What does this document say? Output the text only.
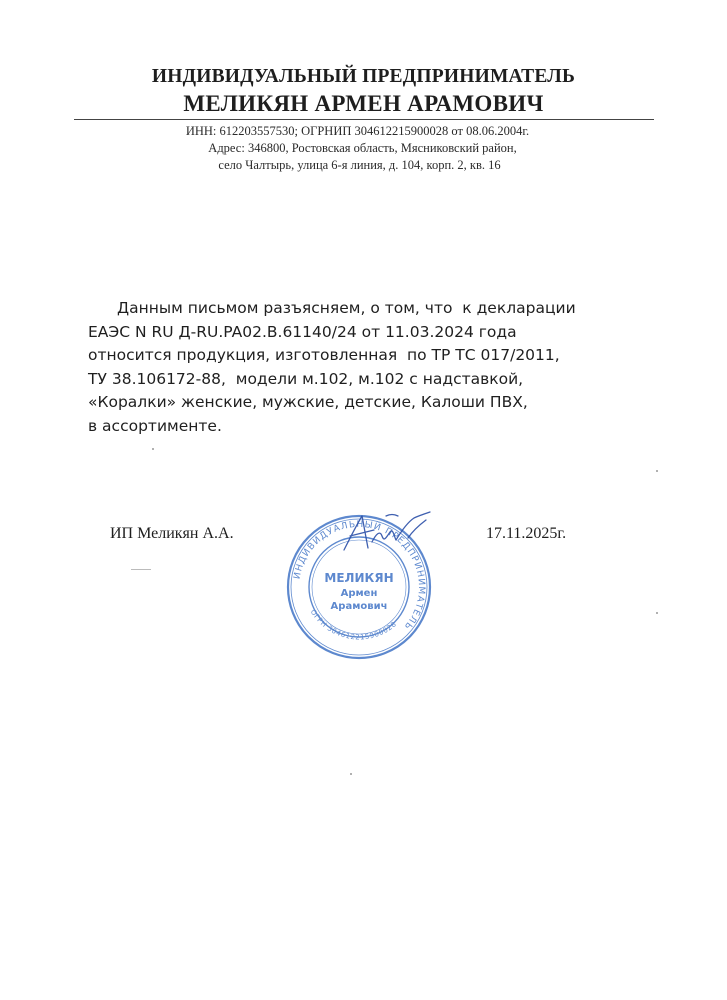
ИНДИВИДУАЛЬНЫЙ ПРЕДПРИНИМАТЕЛЬ
МЕЛИКЯН АРМЕН АРАМОВИЧ
ИНН: 612203557530; ОГРНИП 304612215900028 от 08.06.2004г.
Адрес: 346800, Ростовская область, Мясниковский район,
село Чалтырь, улица 6-я линия, д. 104, корп. 2, кв. 16
Данным письмом разъясняем, о том, что  к декларации
ЕАЭС N RU Д-RU.PA02.B.61140/24 от 11.03.2024 года
относится продукция, изготовленная  по ТР ТС 017/2011,
ТУ 38.106172-88,  модели м.102, м.102 с надставкой,
«Коралки» женские, мужские, детские, Калоши ПВХ,
в ассортименте.
ИП Меликян А.А.	17.11.2025г.
ИНДИВИДУАЛЬНЫЙ ПРЕДПРИНИМАТЕЛЬ
ОГРН 304612215900028
МЕЛИКЯН
Армен
Арамович
